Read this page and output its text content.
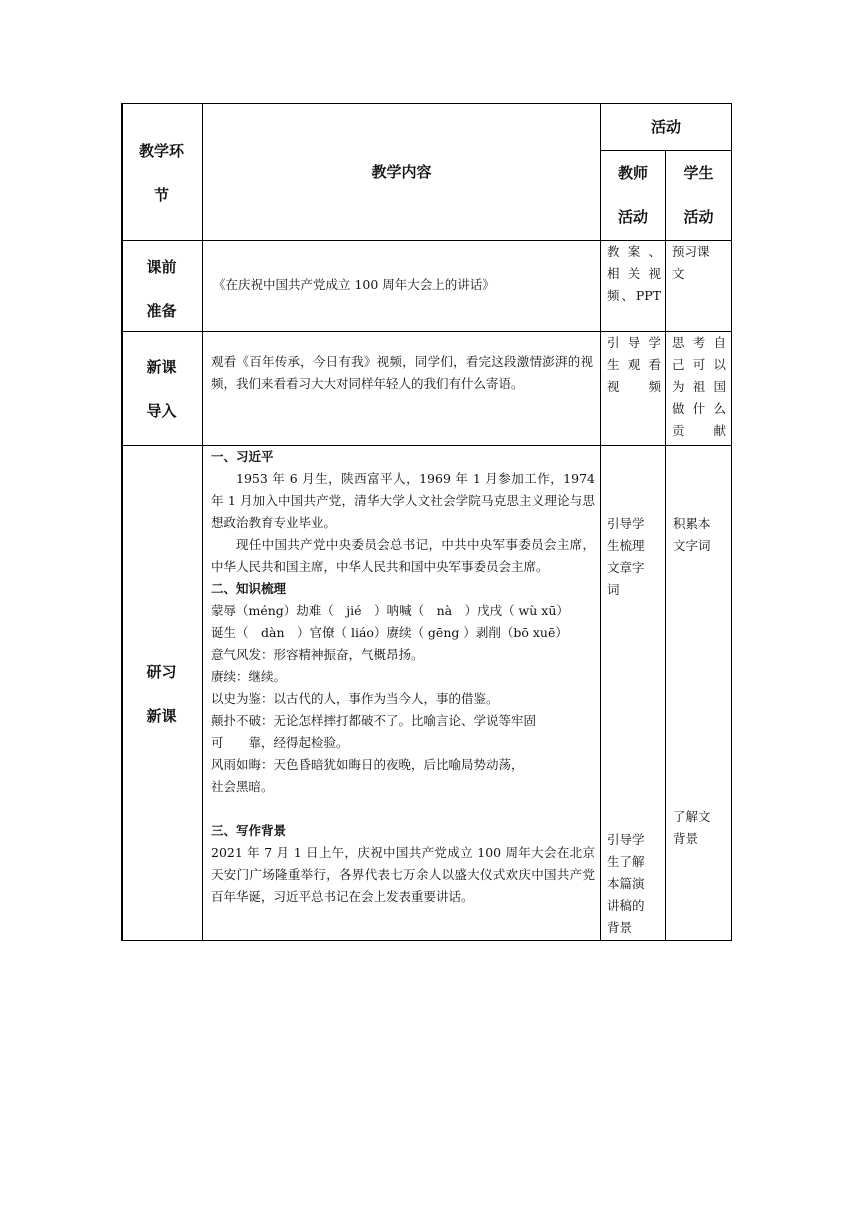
教学环
节
教学内容
活动
教师
活动
学生
活动
课前
准备
《在庆祝中国共产党成立 100 周年大会上的讲话》
教案、
相关视
频、PPT
预习课
文
新课
导入
观看《百年传承，今日有我》视频，同学们，看完这段激情澎湃的视频，我们来看看习大大对同样年轻人的我们有什么寄语。
引导学
生观看
视频
思考自
己可以
为祖国
做什么
贡献
研习
新课

一、习近平

1953 年 6 月生，陕西富平人，1969 年 1 月参加工作，1974 年 1 月加入中国共产党，清华大学人文社会学院马克思主义理论与思想政治教育专业毕业。

现任中国共产党中央委员会总书记，中共中央军事委员会主席，中华人民共和国主席，中华人民共和国中央军事委员会主席。

二、知识梳理

蒙辱（méng）劫难（　jié　）呐喊（　nà　）戊戌（ wù xū）

诞生（　dàn　）官僚（ liáo）赓续（ gēng ）剥削（bō xuē）

意气风发：形容精神振奋，气概昂扬。

赓续：继续。

以史为鉴：以古代的人，事作为当今人，事的借鉴。

颠扑不破：无论怎样摔打都破不了。比喻言论、学说等牢固

可　　靠，经得起检验。

风雨如晦：天色昏暗犹如晦日的夜晚，后比喻局势动荡，

社会黑暗。

三、写作背景

2021 年 7 月 1 日上午，庆祝中国共产党成立 100 周年大会在北京天安门广场隆重举行，各界代表七万余人以盛大仪式欢庆中国共产党百年华诞，习近平总书记在会上发表重要讲话。

引导学
生梳理
文章字
词
引导学
生了解
本篇演
讲稿的
背景
积累本
文字词
了解文
背景
